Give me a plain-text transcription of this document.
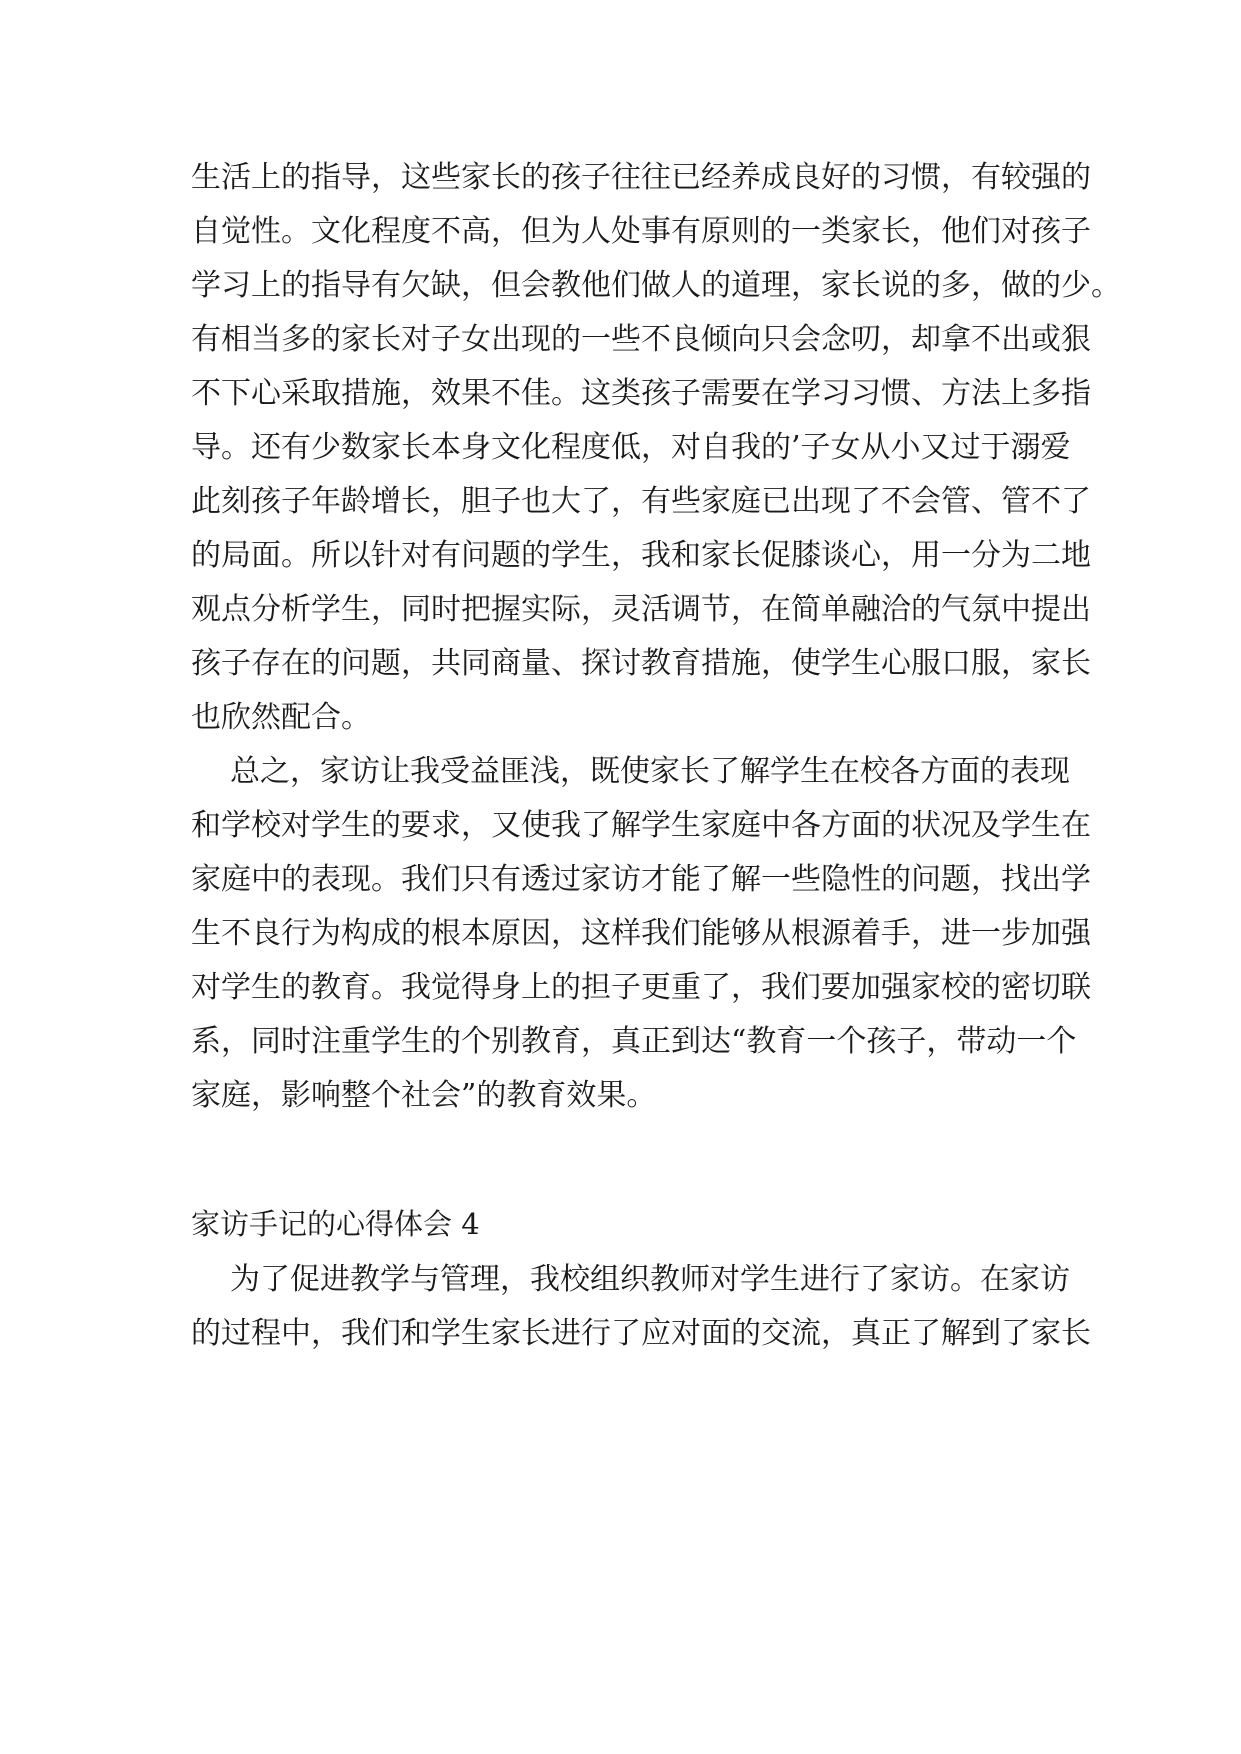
生活上的指导，这些家长的孩子往往已经养成良好的习惯，有较强的

自觉性。文化程度不高，但为人处事有原则的一类家长，他们对孩子

学习上的指导有欠缺，但会教他们做人的道理，家长说的多，做的少。

有相当多的家长对子女出现的一些不良倾向只会念叨，却拿不出或狠

不下心采取措施，效果不佳。这类孩子需要在学习习惯、方法上多指

导。还有少数家长本身文化程度低，对自我的’子女从小又过于溺爱

此刻孩子年龄增长，胆子也大了，有些家庭已出现了不会管、管不了

的局面。所以针对有问题的学生，我和家长促膝谈心，用一分为二地

观点分析学生，同时把握实际，灵活调节，在简单融洽的气氛中提出

孩子存在的问题，共同商量、探讨教育措施，使学生心服口服，家长

也欣然配合。

总之，家访让我受益匪浅，既使家长了解学生在校各方面的表现

和学校对学生的要求，又使我了解学生家庭中各方面的状况及学生在

家庭中的表现。我们只有透过家访才能了解一些隐性的问题，找出学

生不良行为构成的根本原因，这样我们能够从根源着手，进一步加强

对学生的教育。我觉得身上的担子更重了，我们要加强家校的密切联

系，同时注重学生的个别教育，真正到达“教育一个孩子，带动一个

家庭，影响整个社会”的教育效果。

家访手记的心得体会 4

为了促进教学与管理，我校组织教师对学生进行了家访。在家访

的过程中，我们和学生家长进行了应对面的交流，真正了解到了家长
